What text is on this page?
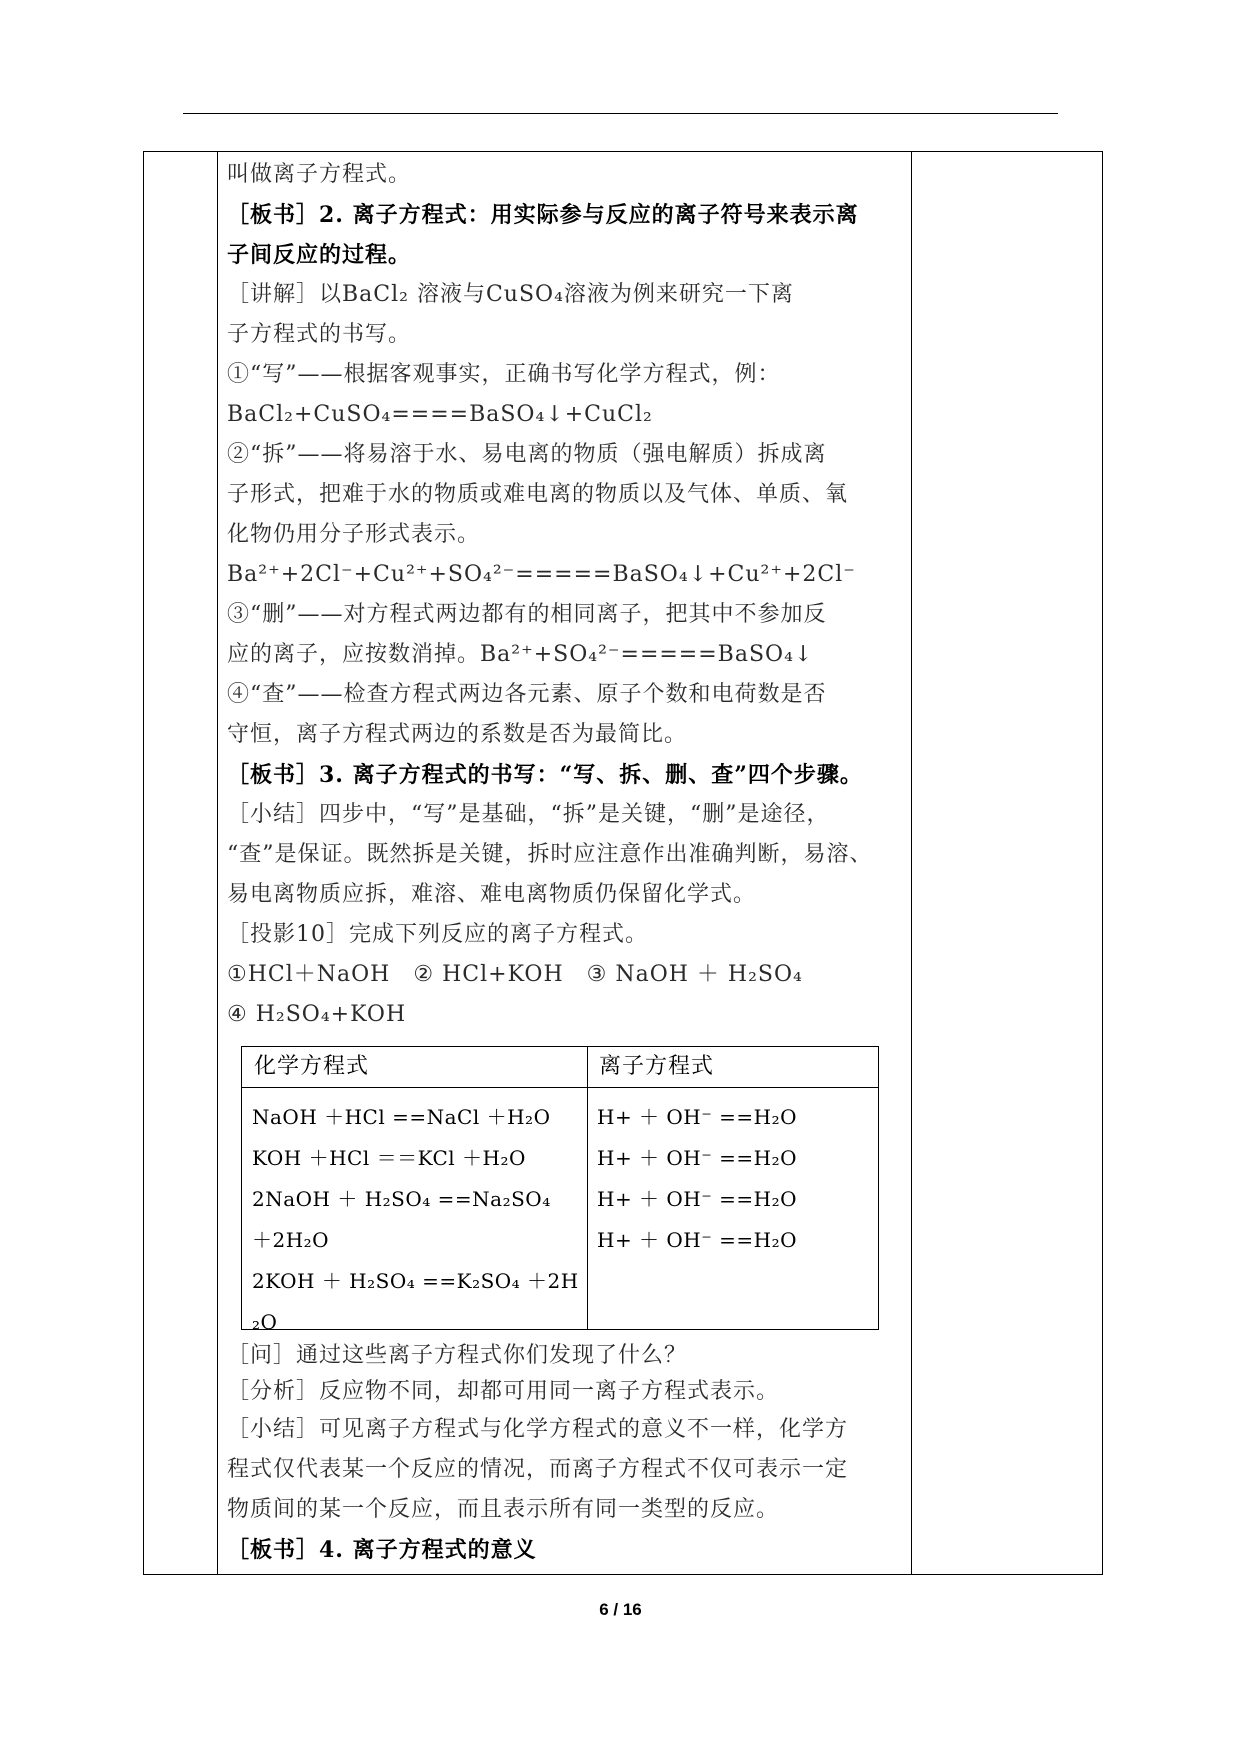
叫做离子方程式。
［板书］2. 离子方程式：用实际参与反应的离子符号来表示离
子间反应的过程。
［讲解］以BaCl₂ 溶液与CuSO₄溶液为例来研究一下离
子方程式的书写。
①“写”——根据客观事实，正确书写化学方程式，例：
BaCl₂+CuSO₄====BaSO₄↓+CuCl₂
②“拆”——将易溶于水、易电离的物质（强电解质）拆成离
子形式，把难于水的物质或难电离的物质以及气体、单质、氧
化物仍用分子形式表示。
Ba²⁺+2Cl⁻+Cu²⁺+SO₄²⁻=====BaSO₄↓+Cu²⁺+2Cl⁻
③“删”——对方程式两边都有的相同离子，把其中不参加反
应的离子，应按数消掉。Ba²⁺+SO₄²⁻=====BaSO₄↓
④“查”——检查方程式两边各元素、原子个数和电荷数是否
守恒，离子方程式两边的系数是否为最简比。
［板书］3. 离子方程式的书写：“写、拆、删、查”四个步骤。
［小结］四步中，“写”是基础，“拆”是关键，“删”是途径，
“查”是保证。既然拆是关键，拆时应注意作出准确判断，易溶、
易电离物质应拆，难溶、难电离物质仍保留化学式。
［投影10］完成下列反应的离子方程式。
①HCl＋NaOH　② HCl+KOH　③ NaOH ＋ H₂SO₄
④ H₂SO₄+KOH
化学方程式	离子方程式
NaOH ＋HCl ==NaCl ＋H₂O
KOH ＋HCl ＝＝KCl ＋H₂O
2NaOH ＋ H₂SO₄ ==Na₂SO₄
＋2H₂O
2KOH ＋ H₂SO₄ ==K₂SO₄ ＋2H
₂O
H+ ＋ OH⁻ ==H₂O
H+ ＋ OH⁻ ==H₂O
H+ ＋ OH⁻ ==H₂O
H+ ＋ OH⁻ ==H₂O
［问］通过这些离子方程式你们发现了什么？
［分析］反应物不同，却都可用同一离子方程式表示。
［小结］可见离子方程式与化学方程式的意义不一样，化学方
程式仅代表某一个反应的情况，而离子方程式不仅可表示一定
物质间的某一个反应，而且表示所有同一类型的反应。
［板书］4. 离子方程式的意义
6 / 16
